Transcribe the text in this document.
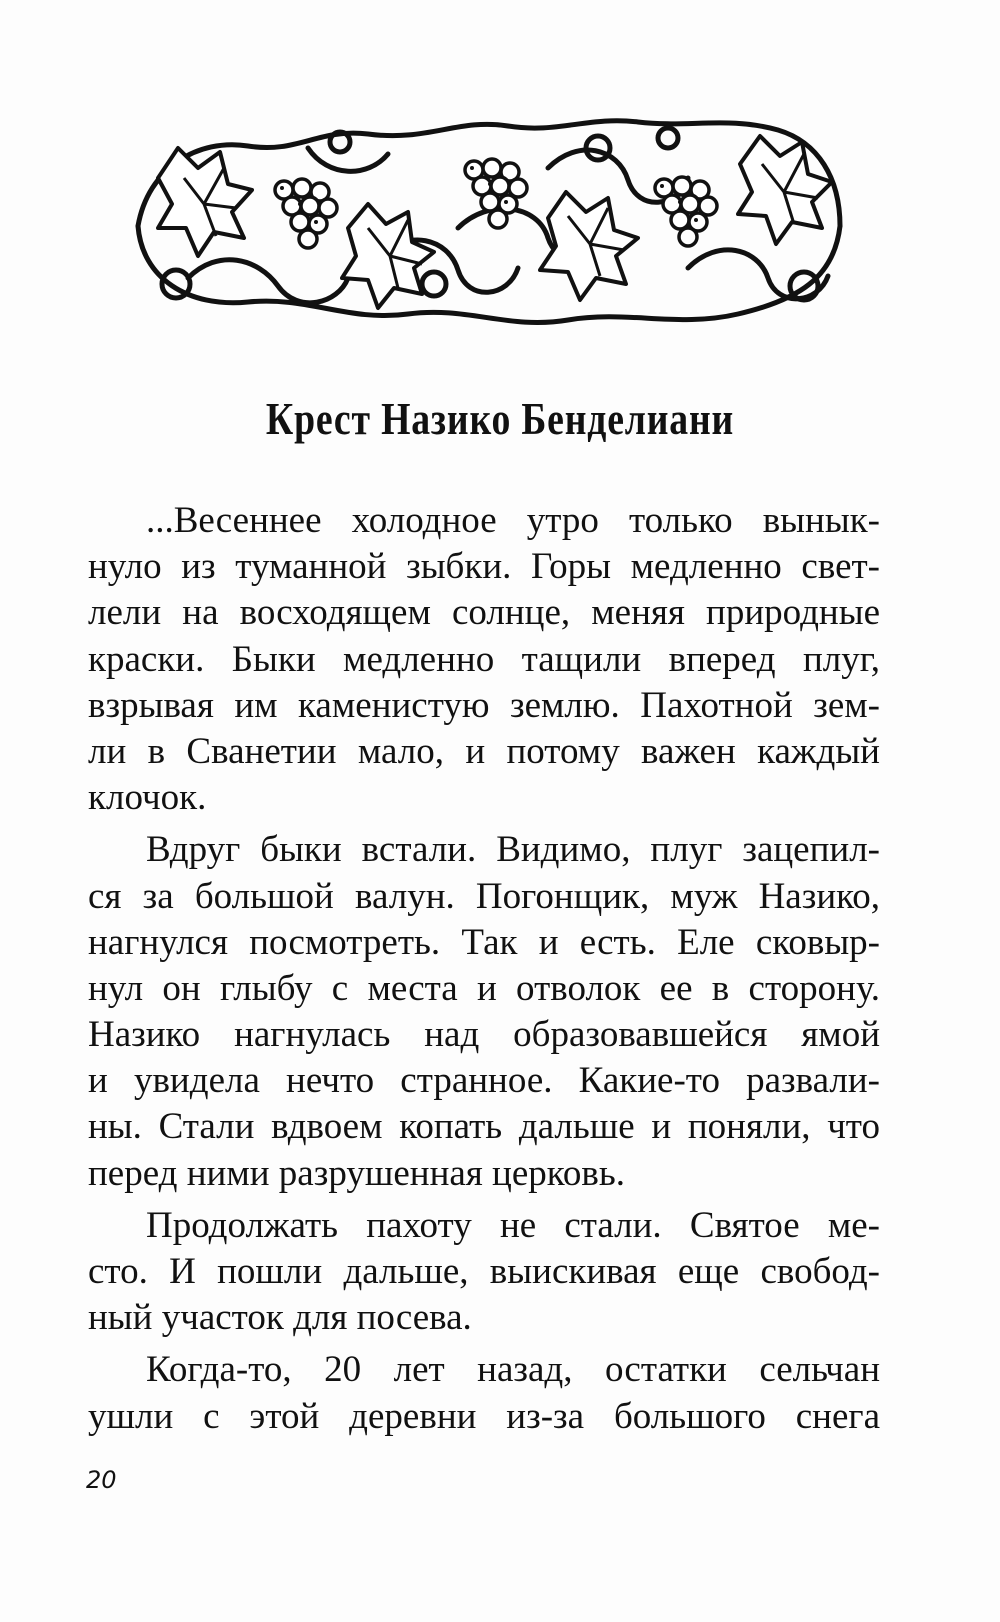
Крест Назико Бенделиани
...Весеннее холодное утро только вынык-
нуло из туманной зыбки. Горы медленно свет-
лели на восходящем солнце, меняя природные
краски. Быки медленно тащили вперед плуг,
взрывая им каменистую землю. Пахотной зем-
ли в Сванетии мало, и потому важен каждый
клочок.
Вдруг быки встали. Видимо, плуг зацепил-
ся за большой валун. Погонщик, муж Назико,
нагнулся посмотреть. Так и есть. Еле сковыр-
нул он глыбу с места и отволок ее в сторону.
Назико нагнулась над образовавшейся ямой
и увидела нечто странное. Какие-то развали-
ны. Стали вдвоем копать дальше и поняли, что
перед ними разрушенная церковь.
Продолжать пахоту не стали. Святое ме-
сто. И пошли дальше, выискивая еще свобод-
ный участок для посева.
Когда-то, 20 лет назад, остатки сельчан
ушли с этой деревни из-за большого снега
20
